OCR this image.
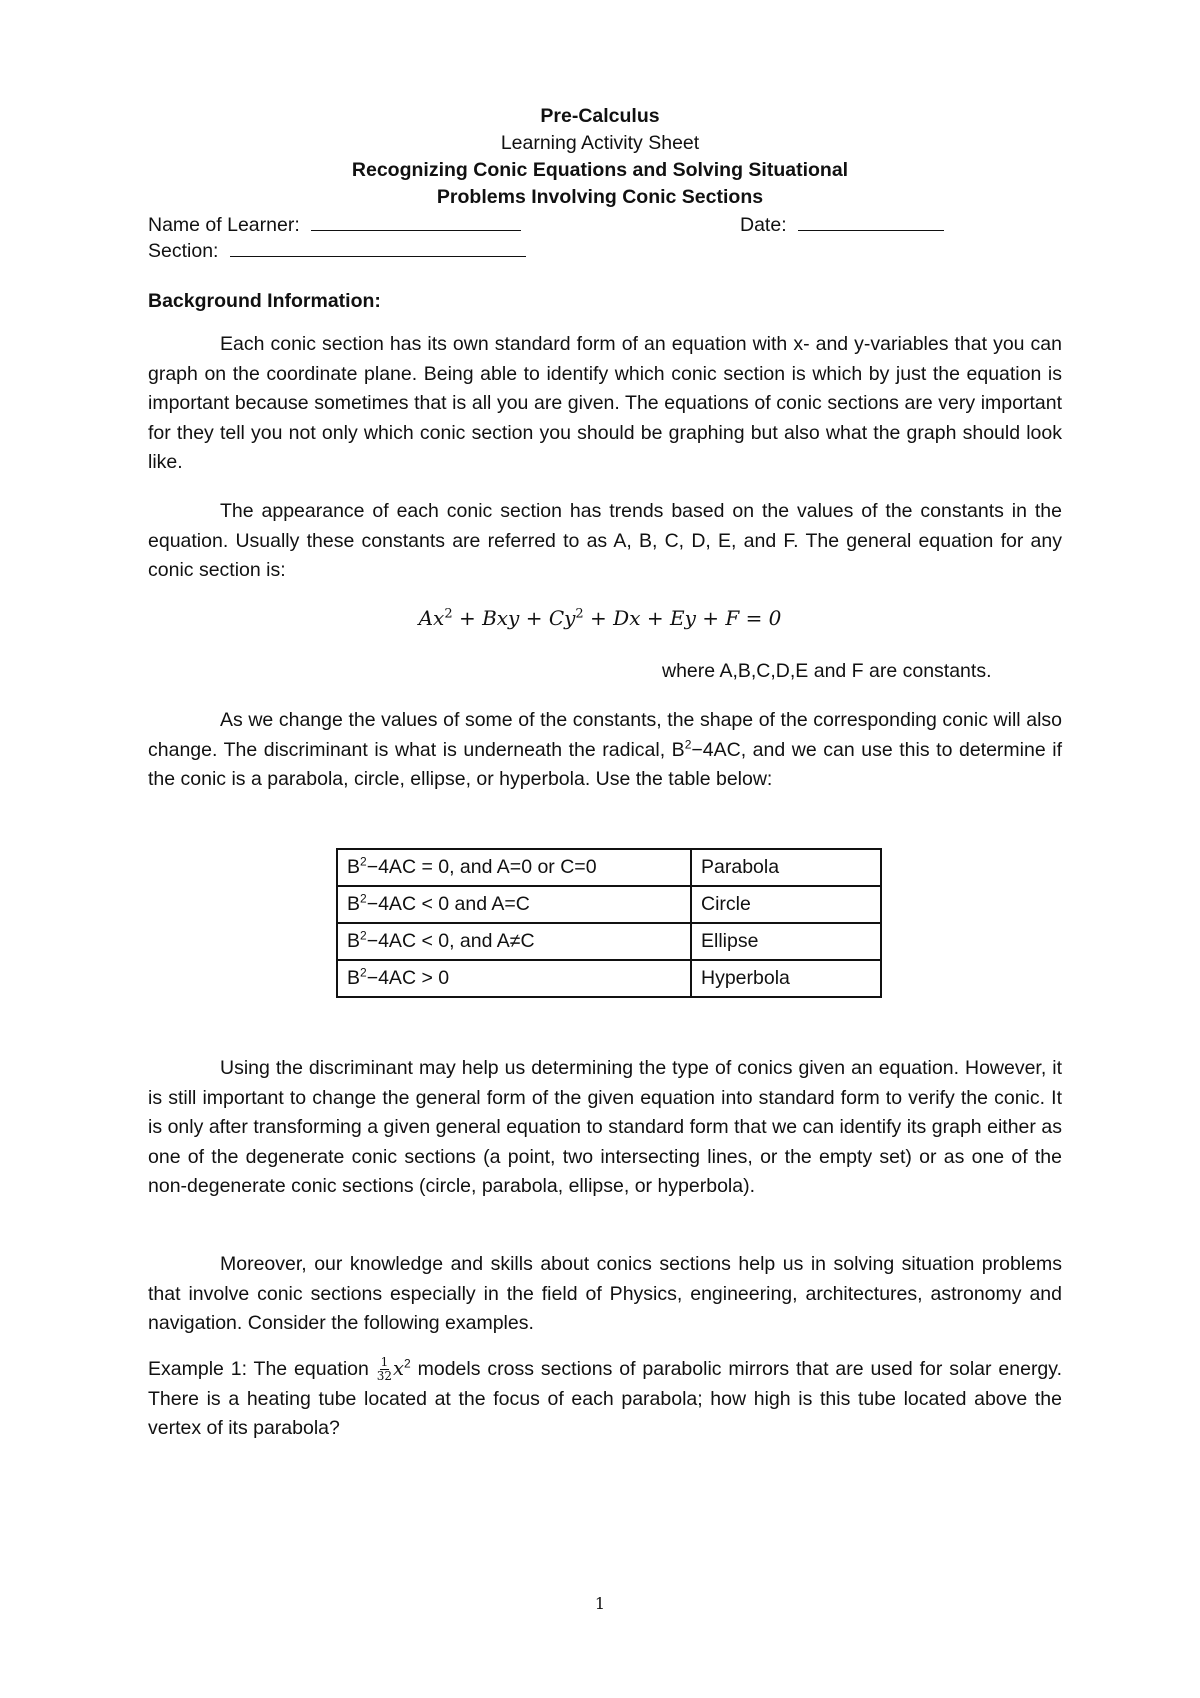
Pre-Calculus
Learning Activity Sheet
Recognizing Conic Equations and Solving Situational
Problems Involving Conic Sections
Name of Learner:	Date:
Section:
Background Information:

Each conic section has its own standard form of an equation with x- and y-variables that you can graph on the coordinate plane. Being able to identify which conic section is which by just the equation is important because sometimes that is all you are given. The equations of conic sections are very important for they tell you not only which conic section you should be graphing but also what the graph should look like.

The appearance of each conic section has trends based on the values of the constants in the equation. Usually these constants are referred to as A, B, C, D, E, and F. The general equation for any conic section is:

$Ax^2$ + Bxy + $Cy^2 + Dx + Ey + F = 0$
where A,B,C,D,E and F are constants.

As we change the values of some of the constants, the shape of the corresponding conic will also change. The discriminant is what is underneath the radical, $B^2-4AC$, and we can use this to determine if the conic is a parabola, circle, ellipse, or hyperbola. Use the table below:

$B^2-4AC = 0$, and A=0 or C=0	Parabola
$B^2-4AC < 0$ and A=C	Circle
$B^2-4AC < 0$, and A≠C	Ellipse
$B^2-4AC > 0$	Hyperbola

Using the discriminant may help us determining the type of conics given an equation. However, it is still important to change the general form of the given equation into standard form to verify the conic. It is only after transforming a given general equation to standard form that we can identify its graph either as one of the degenerate conic sections (a point, two intersecting lines, or the empty set) or as one of the non-degenerate conic sections (circle, parabola, ellipse, or hyperbola).

Moreover, our knowledge and skills about conics sections help us in solving situation problems that involve conic sections especially in the field of Physics, engineering, architectures, astronomy and navigation. Consider the following examples.

Example 1: The equation $\frac{1}{32} x^2$ models cross sections of parabolic mirrors that are used for solar energy. There is a heating tube located at the focus of each parabola; how high is this tube located above the vertex of its parabola?

1
